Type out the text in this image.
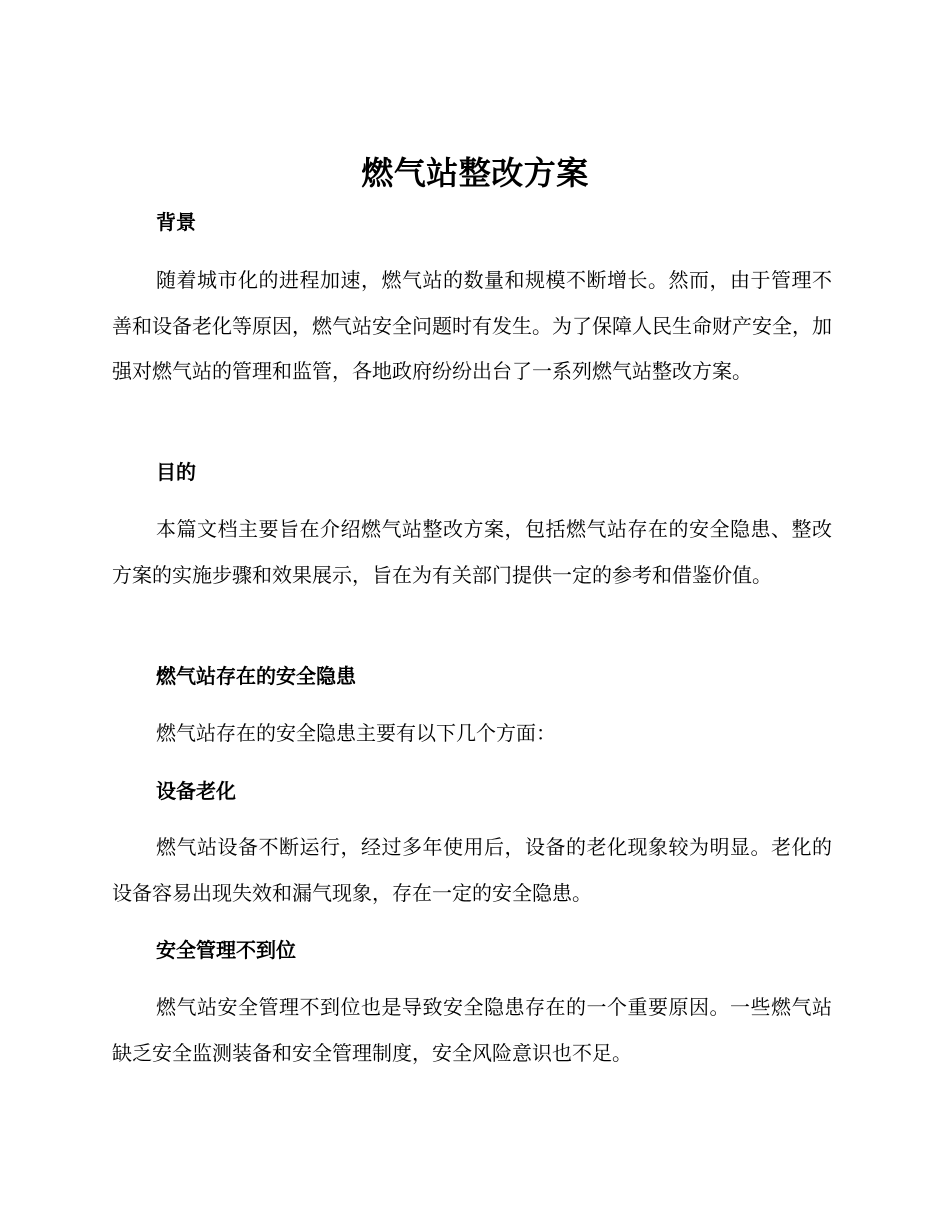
燃气站整改方案
背景
随着城市化的进程加速，燃气站的数量和规模不断增长。然而，由于管理不善和设备老化等原因，燃气站安全问题时有发生。为了保障人民生命财产安全，加强对燃气站的管理和监管，各地政府纷纷出台了一系列燃气站整改方案。
目的
本篇文档主要旨在介绍燃气站整改方案，包括燃气站存在的安全隐患、整改方案的实施步骤和效果展示，旨在为有关部门提供一定的参考和借鉴价值。
燃气站存在的安全隐患
燃气站存在的安全隐患主要有以下几个方面：
设备老化
燃气站设备不断运行，经过多年使用后，设备的老化现象较为明显。老化的设备容易出现失效和漏气现象，存在一定的安全隐患。
安全管理不到位
燃气站安全管理不到位也是导致安全隐患存在的一个重要原因。一些燃气站缺乏安全监测装备和安全管理制度，安全风险意识也不足。
